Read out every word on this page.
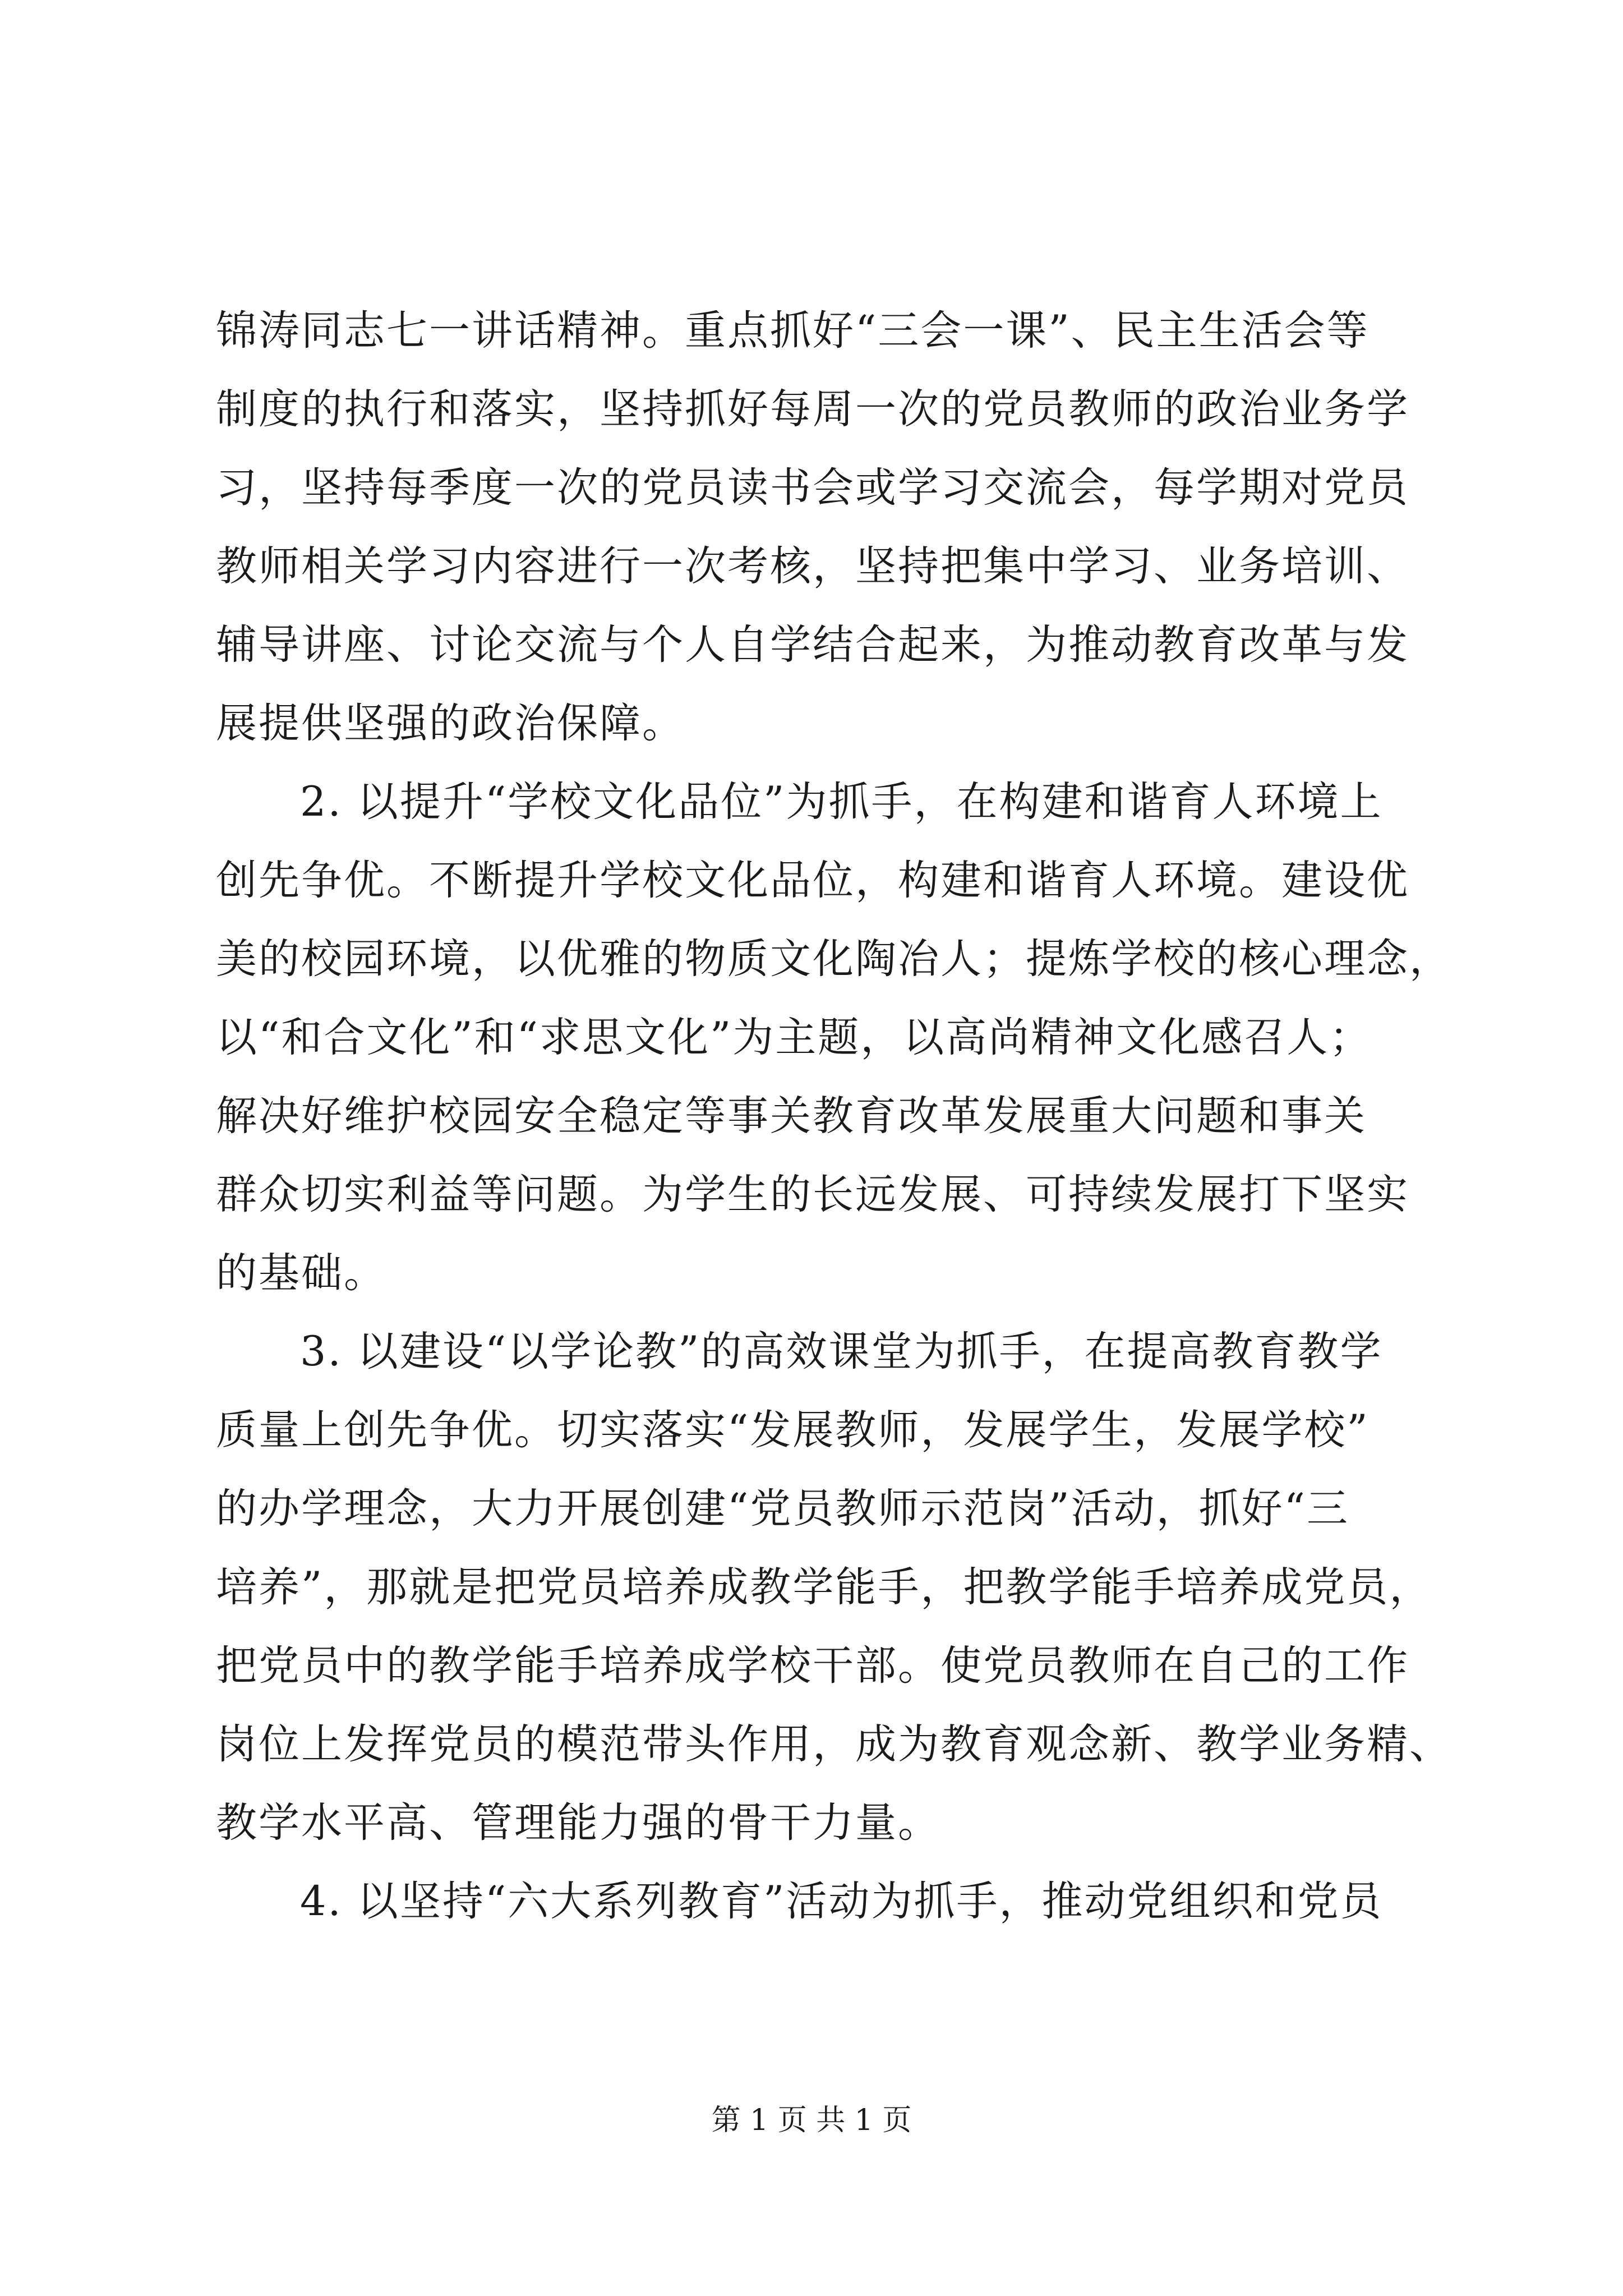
锦涛同志七一讲话精神。重点抓好“三会一课”、民主生活会等
制度的执行和落实，坚持抓好每周一次的党员教师的政治业务学
习，坚持每季度一次的党员读书会或学习交流会，每学期对党员
教师相关学习内容进行一次考核，坚持把集中学习、业务培训、
辅导讲座、讨论交流与个人自学结合起来，为推动教育改革与发
展提供坚强的政治保障。
2. 以提升“学校文化品位”为抓手，在构建和谐育人环境上
创先争优。不断提升学校文化品位，构建和谐育人环境。建设优
美的校园环境，以优雅的物质文化陶冶人；提炼学校的核心理念，
以“和合文化”和“求思文化”为主题，以高尚精神文化感召人；
解决好维护校园安全稳定等事关教育改革发展重大问题和事关
群众切实利益等问题。为学生的长远发展、可持续发展打下坚实
的基础。
3. 以建设“以学论教”的高效课堂为抓手，在提高教育教学
质量上创先争优。切实落实“发展教师，发展学生，发展学校”
的办学理念，大力开展创建“党员教师示范岗”活动，抓好“三
培养”，那就是把党员培养成教学能手，把教学能手培养成党员，
把党员中的教学能手培养成学校干部。使党员教师在自己的工作
岗位上发挥党员的模范带头作用，成为教育观念新、教学业务精、
教学水平高、管理能力强的骨干力量。
4. 以坚持“六大系列教育”活动为抓手，推动党组织和党员
第 1 页 共 1 页
